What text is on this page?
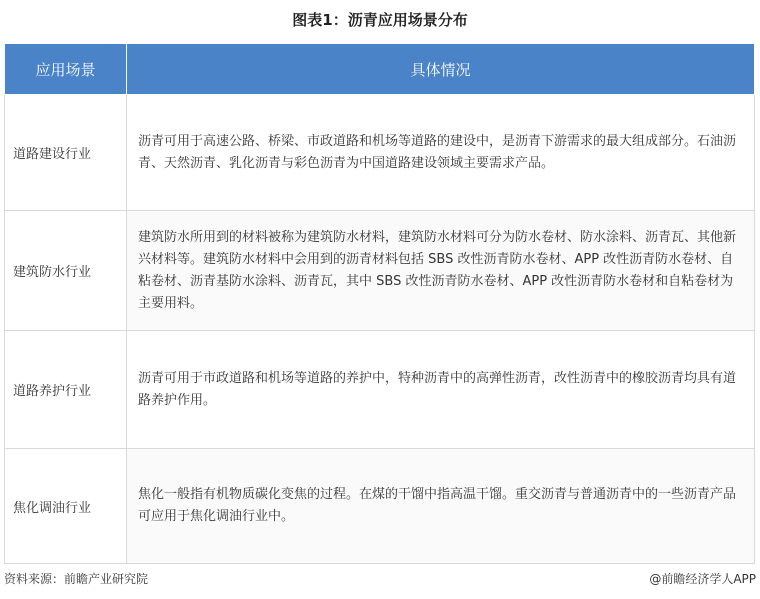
图表1：沥青应用场景分布
应用场景	具体情况
道路建设行业	沥青可用于高速公路、桥梁、市政道路和机场等道路的建设中，是沥青下游需求的最大组成部分。石油沥青、天然沥青、乳化沥青与彩色沥青为中国道路建设领域主要需求产品。
建筑防水行业	建筑防水所用到的材料被称为建筑防水材料，建筑防水材料可分为防水卷材、防水涂料、沥青瓦、其他新兴材料等。建筑防水材料中会用到的沥青材料包括 SBS 改性沥青防水卷材、APP 改性沥青防水卷材、自粘卷材、沥青基防水涂料、沥青瓦，其中 SBS 改性沥青防水卷材、APP 改性沥青防水卷材和自粘卷材为主要用料。
道路养护行业	沥青可用于市政道路和机场等道路的养护中，特种沥青中的高弹性沥青，改性沥青中的橡胶沥青均具有道路养护作用。
焦化调油行业	焦化一般指有机物质碳化变焦的过程。在煤的干馏中指高温干馏。重交沥青与普通沥青中的一些沥青产品可应用于焦化调油行业中。
资料来源：前瞻产业研究院	@前瞻经济学人APP
